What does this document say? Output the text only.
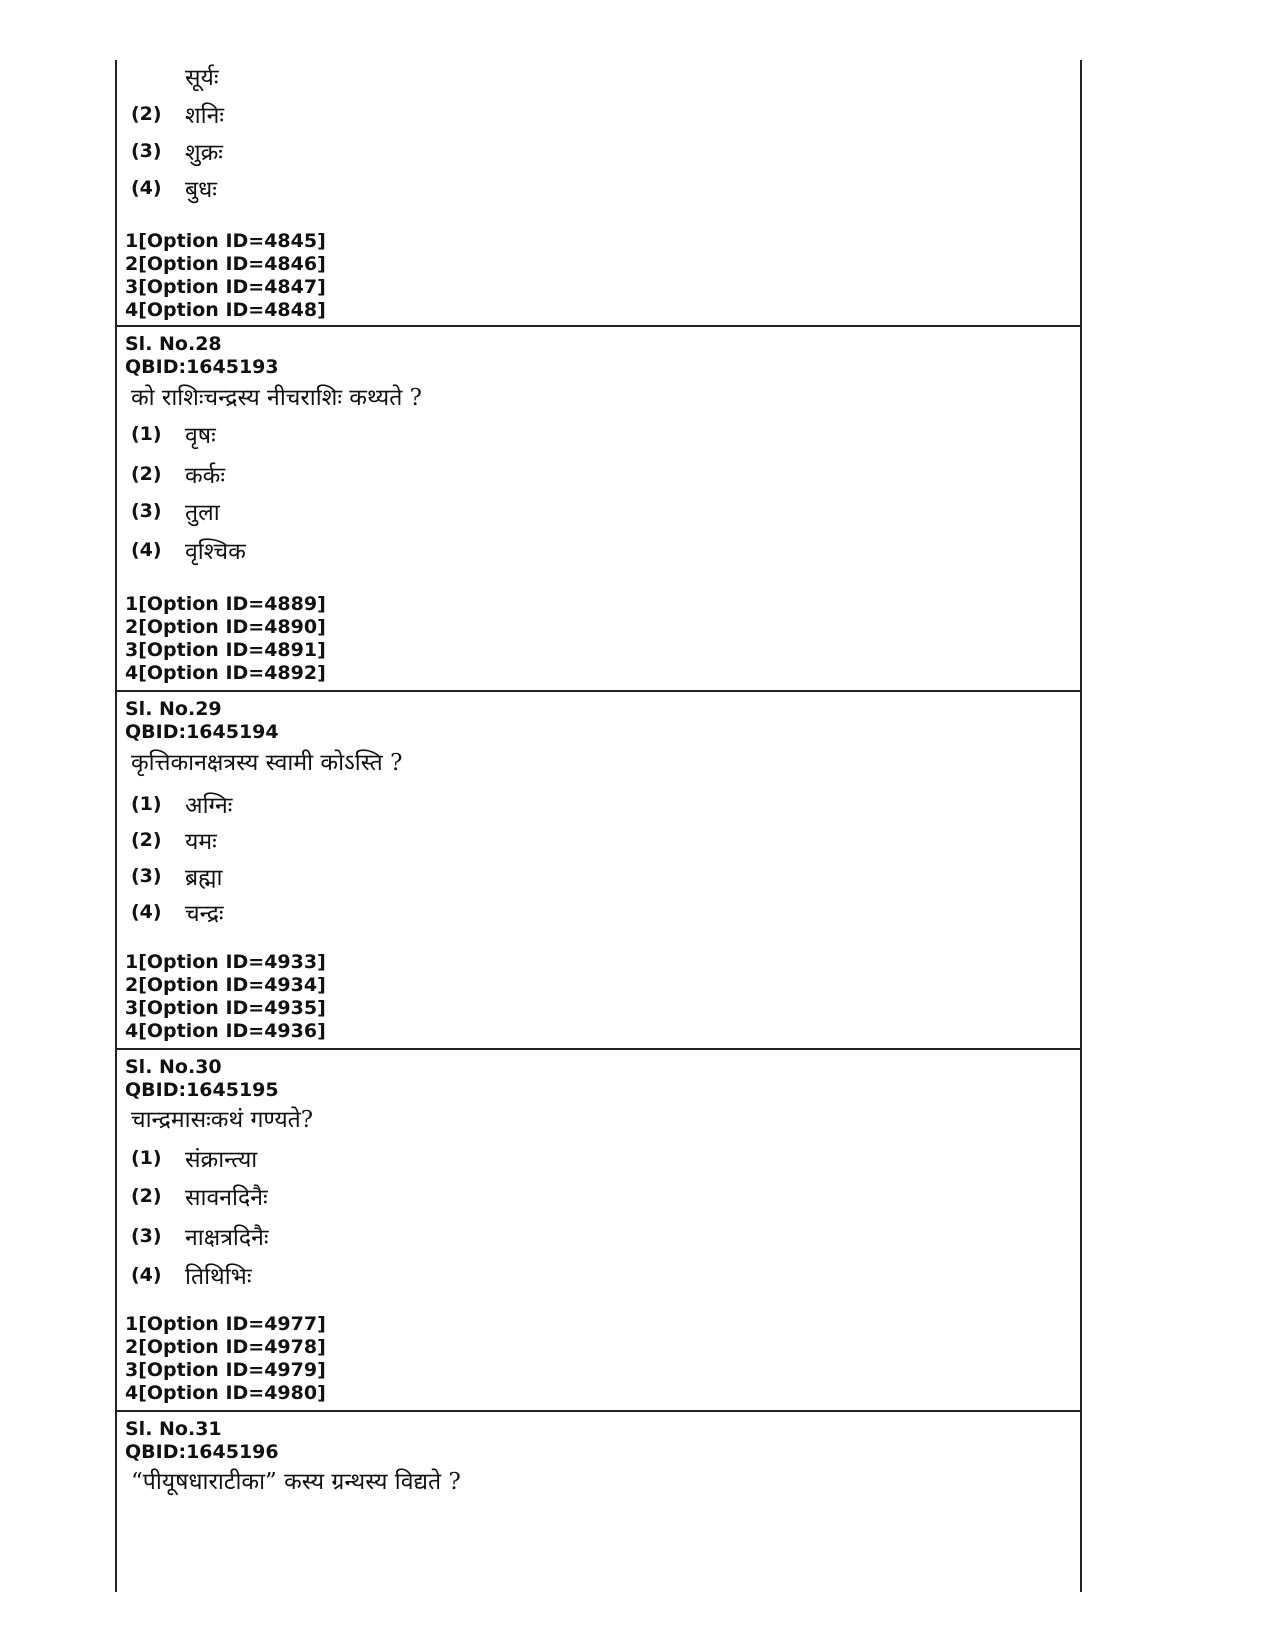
सूर्यः
(2) शनिः
(3) शुक्रः
(4) बुधः
1[Option ID=4845]
2[Option ID=4846]
3[Option ID=4847]
4[Option ID=4848]
Sl. No.28
QBID:1645193
को राशिःचन्द्रस्य नीचराशिः कथ्यते ?
(1) वृषः
(2) कर्कः
(3) तुला
(4) वृश्चिक
1[Option ID=4889]
2[Option ID=4890]
3[Option ID=4891]
4[Option ID=4892]
Sl. No.29
QBID:1645194
कृत्तिकानक्षत्रस्य स्वामी कोऽस्ति ?
(1) अग्निः
(2) यमः
(3) ब्रह्मा
(4) चन्द्रः
1[Option ID=4933]
2[Option ID=4934]
3[Option ID=4935]
4[Option ID=4936]
Sl. No.30
QBID:1645195
चान्द्रमासःकथं गण्यते?
(1) संक्रान्त्या
(2) सावनदिनैः
(3) नाक्षत्रदिनैः
(4) तिथिभिः
1[Option ID=4977]
2[Option ID=4978]
3[Option ID=4979]
4[Option ID=4980]
Sl. No.31
QBID:1645196
“पीयूषधाराटीका” कस्य ग्रन्थस्य विद्यते ?
